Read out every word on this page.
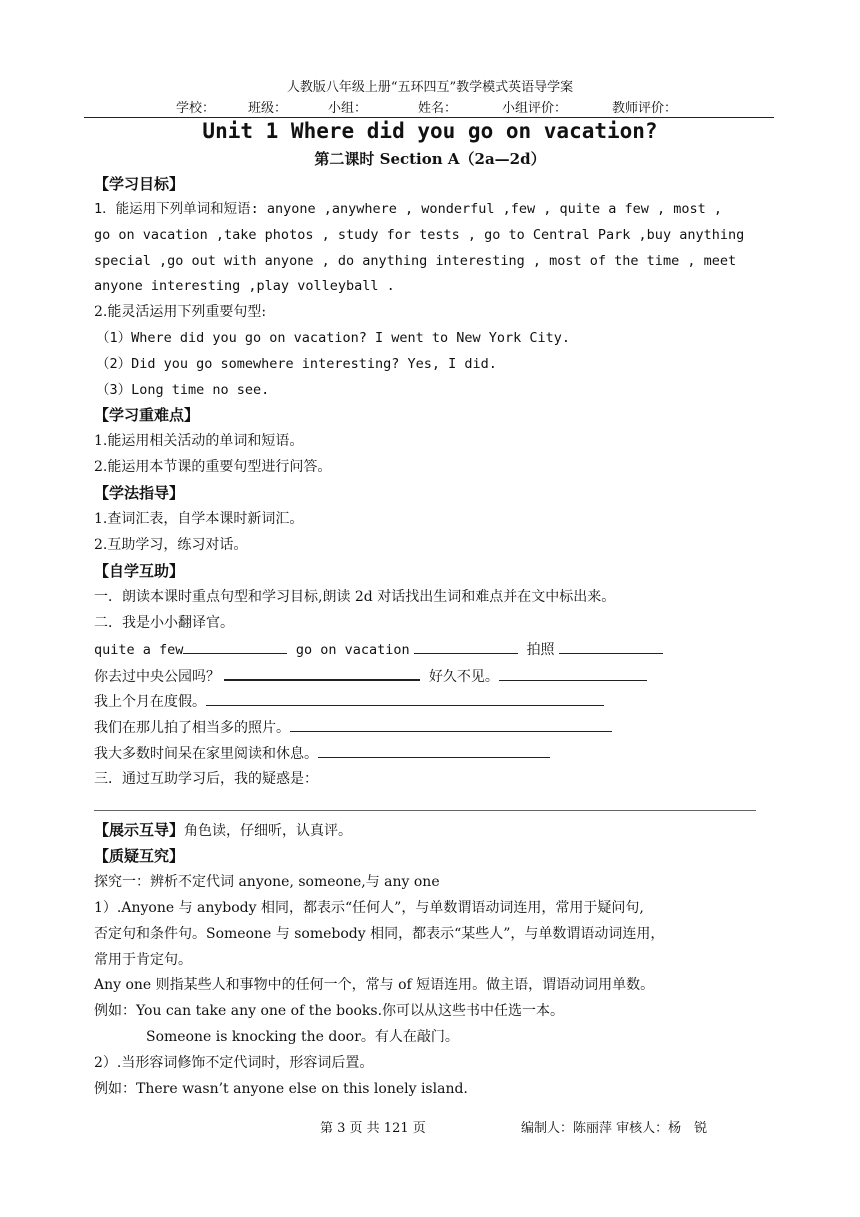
人教版八年级上册“五环四互”教学模式英语导学案
学校：	班级：	小组：	姓名：	小组评价：	教师评价：
Unit 1 Where did you go on vacation?
第二课时 Section A（2a—2d）
【学习目标】
1．能运用下列单词和短语: anyone ,anywhere , wonderful ,few , quite a few , most ,
go on vacation ,take photos , study for tests , go to Central Park ,buy anything
special ,go out with anyone , do anything interesting , most of the time , meet
anyone interesting ,play volleyball .
2.能灵活运用下列重要句型:
（1）Where did you go on vacation? I went to New York City.
（2）Did you go somewhere interesting? Yes, I did.
（3）Long time no see.
【学习重难点】
1.能运用相关活动的单词和短语。
2.能运用本节课的重要句型进行问答。
【学法指导】
1.查词汇表，自学本课时新词汇。
2.互助学习，练习对话。
【自学互助】
一．朗读本课时重点句型和学习目标,朗读 2d 对话找出生词和难点并在文中标出来。
二．我是小小翻译官。
quite a few	go on vacation	拍照
你去过中央公园吗？	好久不见。
我上个月在度假。
我们在那儿拍了相当多的照片。
我大多数时间呆在家里阅读和休息。
三．通过互助学习后，我的疑惑是：
【展示互导】角色读，仔细听，认真评。
【质疑互究】
探究一：辨析不定代词 anyone, someone,与 any one
1）.Anyone 与 anybody 相同，都表示“任何人”，与单数谓语动词连用，常用于疑问句,
否定句和条件句。Someone 与 somebody 相同，都表示“某些人”，与单数谓语动词连用，
常用于肯定句。
Any one 则指某些人和事物中的任何一个，常与 of 短语连用。做主语，谓语动词用单数。
例如：You can take any one of the books.你可以从这些书中任选一本。
Someone is knocking the door。有人在敲门。
2）.当形容词修饰不定代词时，形容词后置。
例如：There wasn’t anyone else on this lonely island.
第 3 页 共 121 页	编制人：陈丽萍 审核人：杨　锐
